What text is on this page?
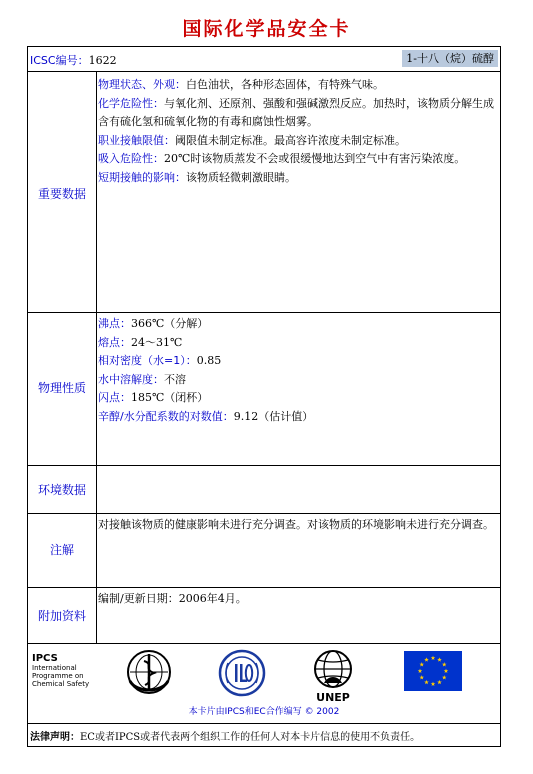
国际化学品安全卡
ICSC编号：1622	1-十八（烷）硫醇
重要数据
物理状态、外观：白色油状，各种形态固体，有特殊气味。
化学危险性：与氧化剂、还原剂、强酸和强碱激烈反应。加热时，该物质分解生成含有硫化氢和硫氧化物的有毒和腐蚀性烟雾。
职业接触限值：阈限值未制定标准。最高容许浓度未制定标准。
吸入危险性：20℃时该物质蒸发不会或很缓慢地达到空气中有害污染浓度。
短期接触的影响：该物质轻微刺激眼睛。
物理性质
沸点：366℃（分解）
熔点：24～31℃
相对密度（水=1）：0.85
水中溶解度：不溶
闪点：185℃（闭杯）
辛醇/水分配系数的对数值：9.12（估计值）
环境数据
注解
对接触该物质的健康影响未进行充分调查。对该物质的环境影响未进行充分调查。
附加资料
编制/更新日期：2006年4月。
IPCS
International
Programme on
Chemical Safety
UNEP
本卡片由IPCS和EC合作编写 © 2002
法律声明：EC或者IPCS或者代表两个组织工作的任何人对本卡片信息的使用不负责任。
